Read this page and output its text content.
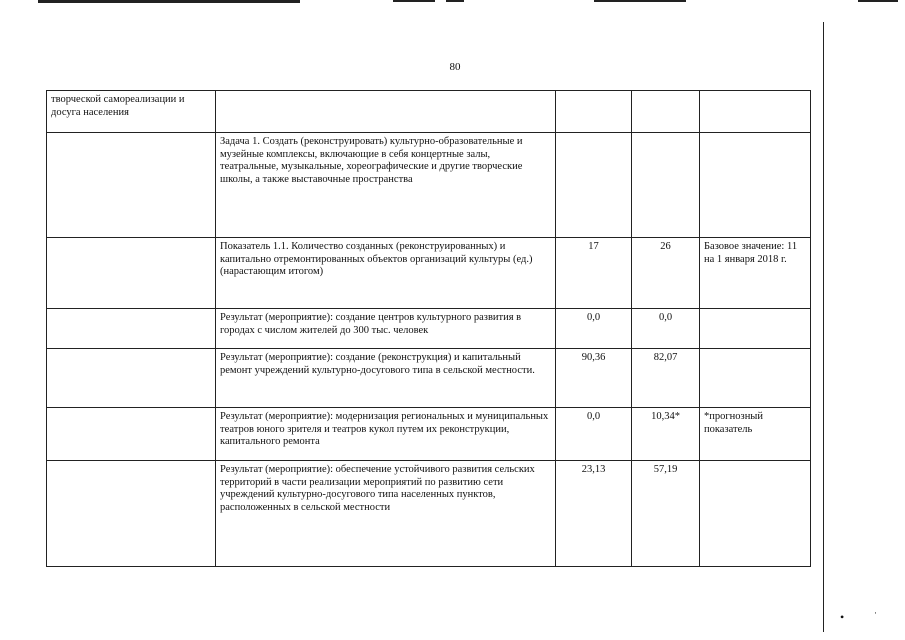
•	·
80
творческой самореализации и досуга населения				
	Задача 1. Создать (реконструировать) культурно-образовательные и музейные комплексы, включающие в себя концертные залы, театральные, музыкальные, хореографические и другие творческие школы, а также выставочные пространства			
	Показатель 1.1. Количество созданных (реконструированных) и капитально отремонтированных объектов организаций культуры (ед.) (нарастающим итогом)	17	26	Базовое значение: 11 на 1 января 2018 г.
	Результат (мероприятие): создание центров культурного развития в городах с числом жителей до 300 тыс. человек	0,0	0,0	
	Результат (мероприятие): создание (реконструкция) и капитальный ремонт учреждений культурно-досугового типа в сельской местности.	90,36	82,07	
	Результат (мероприятие): модернизация региональных и муниципальных театров юного зрителя и театров кукол путем их реконструкции, капитального ремонта	0,0	10,34*	*прогнозный показатель
	Результат (мероприятие): обеспечение устойчивого развития сельских территорий в части реализации мероприятий по развитию сети учреждений культурно-досугового типа населенных пунктов, расположенных в сельской местности	23,13	57,19	
